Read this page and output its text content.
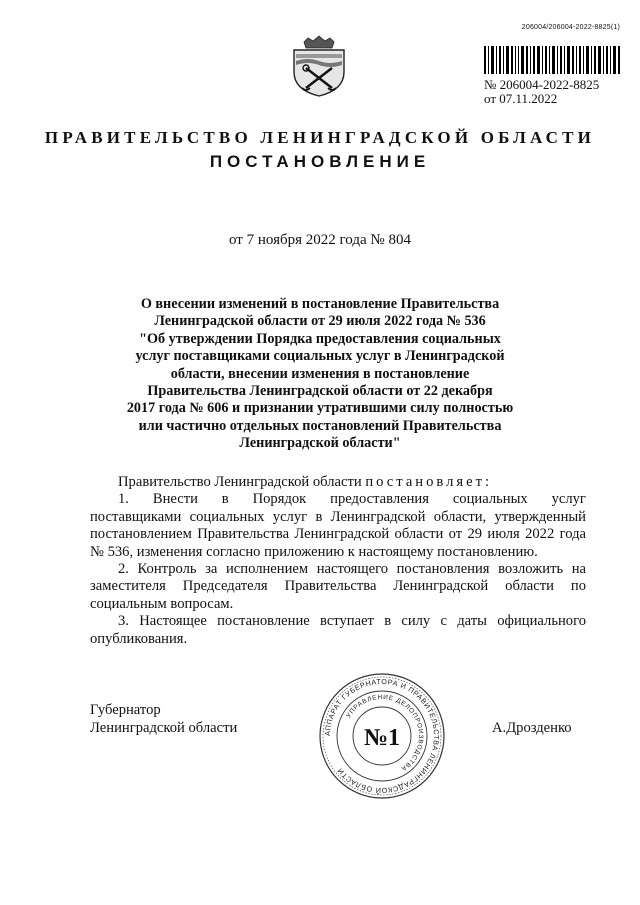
206004/206004-2022-8825(1)
№ 206004-2022-8825
от 07.11.2022
ПРАВИТЕЛЬСТВО ЛЕНИНГРАДСКОЙ ОБЛАСТИ
ПОСТАНОВЛЕНИЕ
от 7 ноября 2022 года № 804
О внесении изменений в постановление Правительства
Ленинградской области от 29 июля 2022 года № 536
"Об утверждении Порядка предоставления социальных
услуг поставщиками социальных услуг в Ленинградской
области, внесении изменения в постановление
Правительства Ленинградской области от 22 декабря
2017 года № 606 и признании утратившими силу полностью
или частично отдельных постановлений Правительства
Ленинградской области"

Правительство Ленинградской области постановляет:

1. Внести в Порядок предоставления социальных услуг

поставщиками социальных услуг в Ленинградской области, утвержденный постановлением Правительства Ленинградской области от 29 июля 2022 года № 536, изменения согласно приложению к настоящему постановлению.

2. Контроль за исполнением настоящего постановления возложить на заместителя Председателя Правительства Ленинградской области по социальным вопросам.

3. Настоящее постановление вступает в силу с даты официального опубликования.

Губернатор
Ленинградской области	А.Дрозденко
АППАРАТ ГУБЕРНАТОРА И ПРАВИТЕЛЬСТВА ЛЕНИНГРАДСКОЙ ОБЛАСТИ
УПРАВЛЕНИЕ ДЕЛОПРОИЗВОДСТВА
№1
